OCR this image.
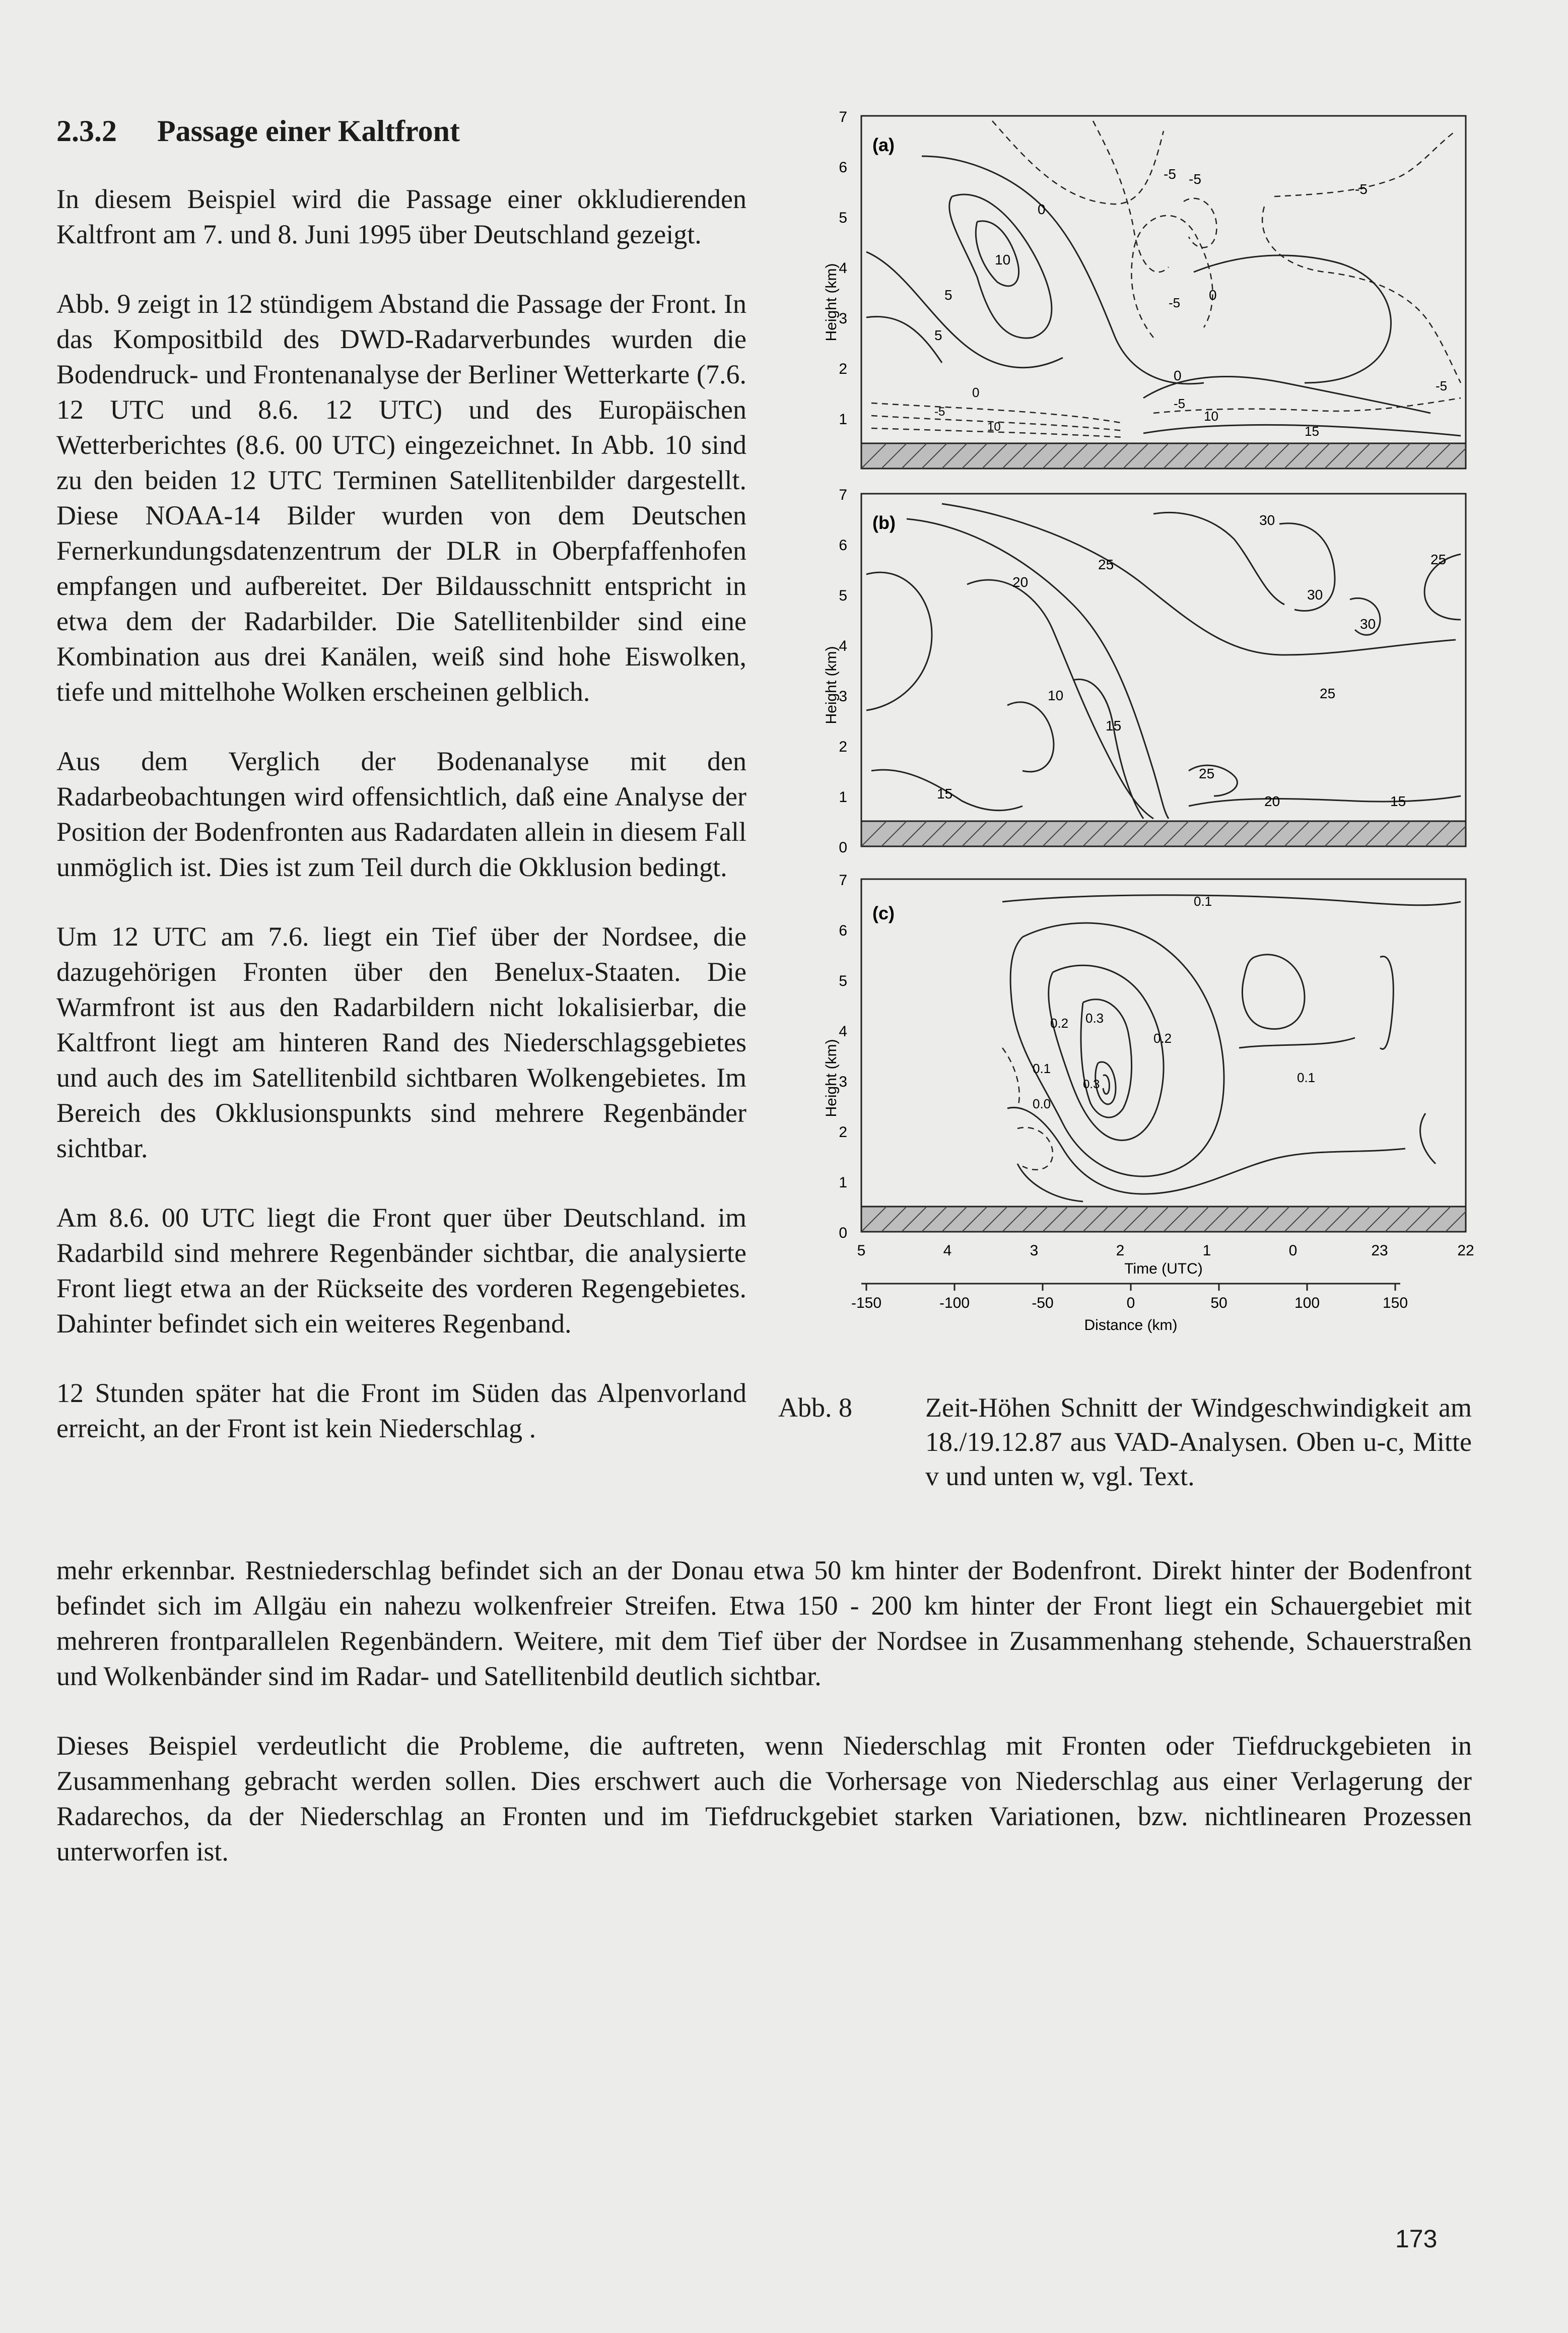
2.3.2 Passage einer Kaltfront

In diesem Beispiel wird die Passage einer okkludierenden Kaltfront am 7. und 8. Juni 1995 über Deutschland gezeigt.

Abb. 9 zeigt in 12 stündigem Abstand die Passage der Front. In das Kompositbild des DWD-Radarverbundes wurden die Bodendruck- und Frontenanalyse der Berliner Wetterkarte (7.6. 12 UTC und 8.6. 12 UTC) und des Europäischen Wetterberichtes (8.6. 00 UTC) eingezeichnet. In Abb. 10 sind zu den beiden 12 UTC Terminen Satellitenbilder dargestellt. Diese NOAA-14 Bilder wurden von dem Deutschen Fernerkundungsdatenzentrum der DLR in Oberpfaffenhofen empfangen und aufbereitet. Der Bildausschnitt entspricht in etwa dem der Radarbilder. Die Satellitenbilder sind eine Kombination aus drei Kanälen, weiß sind hohe Eiswolken, tiefe und mittelhohe Wolken erscheinen gelblich.

Aus dem Verglich der Bodenanalyse mit den Radarbeobachtungen wird offensichtlich, daß eine Analyse der Position der Bodenfronten aus Radardaten allein in diesem Fall unmöglich ist. Dies ist zum Teil durch die Okklusion bedingt.

Um 12 UTC am 7.6. liegt ein Tief über der Nordsee, die dazugehörigen Fronten über den Benelux-Staaten. Die Warmfront ist aus den Radarbildern nicht lokalisierbar, die Kaltfront liegt am hinteren Rand des Niederschlagsgebietes und auch des im Satellitenbild sichtbaren Wolkengebietes. Im Bereich des Okklusionspunkts sind mehrere Regenbänder sichtbar.

Am 8.6. 00 UTC liegt die Front quer über Deutschland. im Radarbild sind mehrere Regenbänder sichtbar, die analysierte Front liegt etwa an der Rückseite des vorderen Regengebietes. Dahinter befindet sich ein weiteres Regenband.

12 Stunden später hat die Front im Süden das Alpenvorland erreicht, an der Front ist kein Niederschlag .

Height (km)
Height (km)
Height (km)
7
6
5
4
3
2
1
(a)
-5
0
5
10
-5
-5 0
-5
5
0
-5
0
-5
10
15
-5
10
7
6
5
4
3
2
1
0
(b)
25
30
20
30
30
25
10
15
25
15	20	15
25
7
6
5
4
3
2
1
0
(c)
0.1
0.2 0.3
0.2
0.1
0.3
0.0
0.1
5	4	3	2	1	0	23	22
Time (UTC)
-150	-100	-50	0	50	100	150
Distance (km)
Abb. 8	Zeit-Höhen Schnitt der Windgeschwindigkeit am 18./19.12.87 aus VAD-Analysen. Oben u-c, Mitte v und unten w, vgl. Text.

mehr erkennbar. Restniederschlag befindet sich an der Donau etwa 50 km hinter der Bodenfront. Direkt hinter der Bodenfront befindet sich im Allgäu ein nahezu wolkenfreier Streifen. Etwa 150 - 200 km hinter der Front liegt ein Schauergebiet mit mehreren frontparallelen Regenbändern. Weitere, mit dem Tief über der Nordsee in Zusammenhang stehende, Schauerstraßen und Wolkenbänder sind im Radar- und Satellitenbild deutlich sichtbar.

Dieses Beispiel verdeutlicht die Probleme, die auftreten, wenn Niederschlag mit Fronten oder Tiefdruckgebieten in Zusammenhang gebracht werden sollen. Dies erschwert auch die Vorhersage von Niederschlag aus einer Verlagerung der Radarechos, da der Niederschlag an Fronten und im Tiefdruckgebiet starken Variationen, bzw. nichtlinearen Prozessen unterworfen ist.

173
